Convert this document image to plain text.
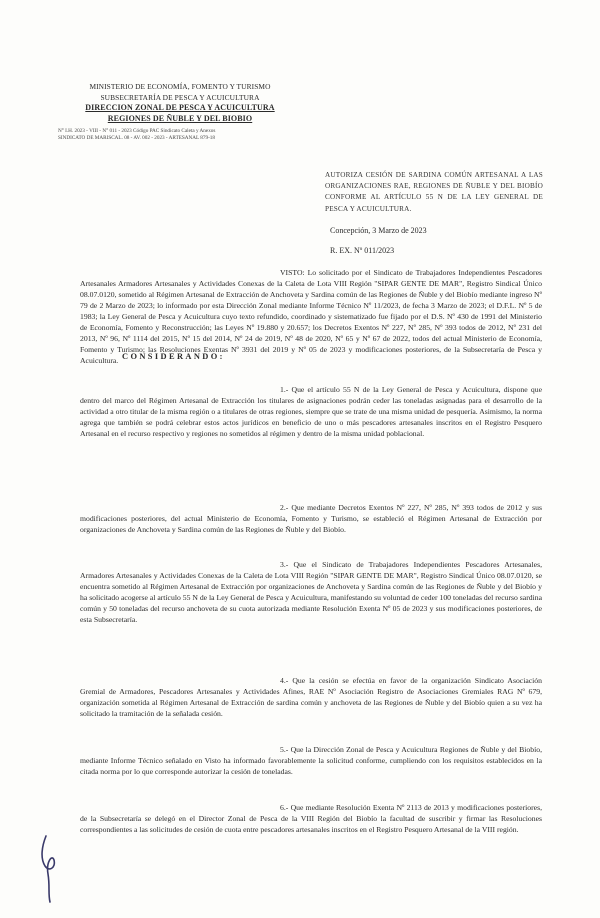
MINISTERIO DE ECONOMÍA, FOMENTO Y TURISMO
SUBSECRETARÍA DE PESCA Y ACUICULTURA
DIRECCION ZONAL DE PESCA Y ACUICULTURA
REGIONES DE ÑUBLE Y DEL BIOBIO
N° I.H. 2023 - VIII - N° 011 - 2023 Código PAC Sindicato Caleta y Anexos
SINDICATO DE MARISCAL. 08 - AV. 002 - 2023 - ARTESANAL 879-18
AUTORIZA CESIÓN DE SARDINA COMÚN ARTESANAL A LAS ORGANIZACIONES RAE, REGIONES DE ÑUBLE Y DEL BIOBÍO CONFORME AL ARTÍCULO 55 N DE LA LEY GENERAL DE PESCA Y ACUICULTURA.
Concepción, 3 Marzo de 2023
R. EX. Nº 011/2023

VISTO: Lo solicitado por el Sindicato de Trabajadores Independientes Pescadores Artesanales Armadores Artesanales y Actividades Conexas de la Caleta de Lota VIII Región "SIPAR GENTE DE MAR", Registro Sindical Único 08.07.0120, sometido al Régimen Artesanal de Extracción de Anchoveta y Sardina común de las Regiones de Ñuble y del Biobío mediante ingreso Nº 79 de 2 Marzo de 2023; lo informado por esta Dirección Zonal mediante Informe Técnico Nº 11/2023, de fecha 3 Marzo de 2023; el D.F.L. Nº 5 de 1983; la Ley General de Pesca y Acuicultura cuyo texto refundido, coordinado y sistematizado fue fijado por el D.S. Nº 430 de 1991 del Ministerio de Economía, Fomento y Reconstrucción; las Leyes Nº 19.880 y 20.657; los Decretos Exentos Nº 227, Nº 285, Nº 393 todos de 2012, Nº 231 del 2013, Nº 96, Nº 1114 del 2015, Nº 15 del 2014, Nº 24 de 2019, Nº 48 de 2020, Nº 65 y Nº 67 de 2022, todos del actual Ministerio de Economía, Fomento y Turismo; las Resoluciones Exentas Nº 3931 del 2019 y Nº 05 de 2023 y modificaciones posteriores, de la Subsecretaría de Pesca y Acuicultura. CONSIDERANDO:

1.- Que el artículo 55 N de la Ley General de Pesca y Acuicultura, dispone que dentro del marco del Régimen Artesanal de Extracción los titulares de asignaciones podrán ceder las toneladas asignadas para el desarrollo de la actividad a otro titular de la misma región o a titulares de otras regiones, siempre que se trate de una misma unidad de pesquería. Asimismo, la norma agrega que también se podrá celebrar estos actos jurídicos en beneficio de uno o más pescadores artesanales inscritos en el Registro Pesquero Artesanal en el recurso respectivo y regiones no sometidos al régimen y dentro de la misma unidad poblacional.

2.- Que mediante Decretos Exentos Nº 227, Nº 285, Nº 393 todos de 2012 y sus modificaciones posteriores, del actual Ministerio de Economía, Fomento y Turismo, se estableció el Régimen Artesanal de Extracción por organizaciones de Anchoveta y Sardina común de las Regiones de Ñuble y del Biobío.

3.- Que el Sindicato de Trabajadores Independientes Pescadores Artesanales, Armadores Artesanales y Actividades Conexas de la Caleta de Lota VIII Región "SIPAR GENTE DE MAR", Registro Sindical Único 08.07.0120, se encuentra sometido al Régimen Artesanal de Extracción por organizaciones de Anchoveta y Sardina común de las Regiones de Ñuble y del Biobío y ha solicitado acogerse al artículo 55 N de la Ley General de Pesca y Acuicultura, manifestando su voluntad de ceder 100 toneladas del recurso sardina común y 50 toneladas del recurso anchoveta de su cuota autorizada mediante Resolución Exenta Nº 05 de 2023 y sus modificaciones posteriores, de esta Subsecretaría.

4.- Que la cesión se efectúa en favor de la organización Sindicato Asociación Gremial de Armadores, Pescadores Artesanales y Actividades Afines, RAE Nº Asociación Registro de Asociaciones Gremiales RAG Nº 679, organización sometida al Régimen Artesanal de Extracción de sardina común y anchoveta de las Regiones de Ñuble y del Biobío quien a su vez ha solicitado la tramitación de la señalada cesión.

5.- Que la Dirección Zonal de Pesca y Acuicultura Regiones de Ñuble y del Biobío, mediante Informe Técnico señalado en Visto ha informado favorablemente la solicitud conforme, cumpliendo con los requisitos establecidos en la citada norma por lo que corresponde autorizar la cesión de toneladas.

6.- Que mediante Resolución Exenta Nº 2113 de 2013 y modificaciones posteriores, de la Subsecretaría se delegó en el Director Zonal de Pesca de la VIII Región del Biobío la facultad de suscribir y firmar las Resoluciones correspondientes a las solicitudes de cesión de cuota entre pescadores artesanales inscritos en el Registro Pesquero Artesanal de la VIII región.
